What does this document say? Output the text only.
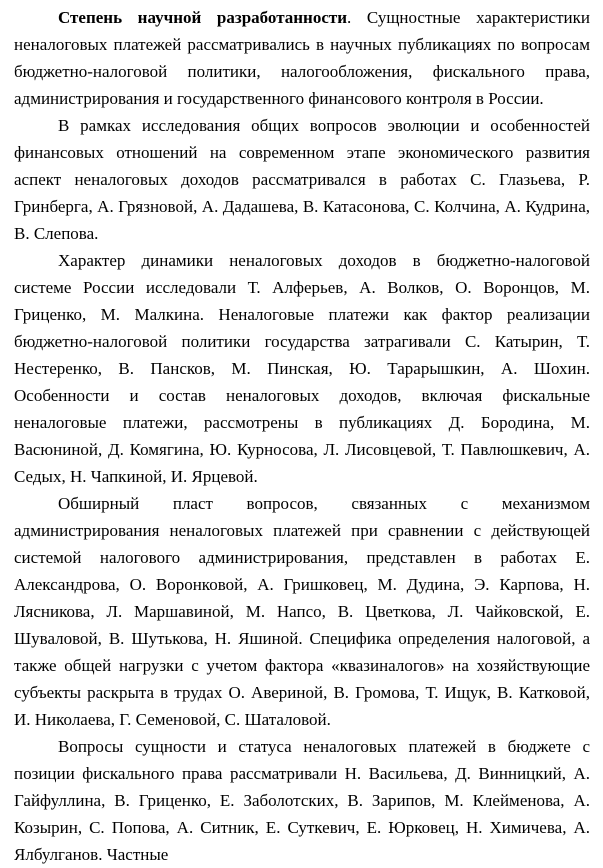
Степень научной разработанности. Сущностные характеристики неналоговых платежей рассматривались в научных публикациях по вопросам бюджетно-налоговой политики, налогообложения, фискального права, администрирования и государственного финансового контроля в России.

В рамках исследования общих вопросов эволюции и особенностей финансовых отношений на современном этапе экономического развития аспект неналоговых доходов рассматривался в работах С. Глазьева, Р. Гринберга, А. Грязновой, А. Дадашева, В. Катасонова, С. Колчина, А. Кудрина, В. Слепова.

Характер динамики неналоговых доходов в бюджетно-налоговой системе России исследовали Т. Алферьев, А. Волков, О. Воронцов, М. Гриценко, М. Малкина. Неналоговые платежи как фактор реализации бюджетно-налоговой политики государства затрагивали С. Катырин, Т. Нестеренко, В. Пансков, М. Пинская, Ю. Тарарышкин, А. Шохин. Особенности и состав неналоговых доходов, включая фискальные неналоговые платежи, рассмотрены в публикациях Д. Бородина, М. Васюниной, Д. Комягина, Ю. Курносова, Л. Лисовцевой, Т. Павлюшкевич, А. Седых, Н. Чапкиной, И. Ярцевой.

Обширный пласт вопросов, связанных с механизмом администрирования неналоговых платежей при сравнении с действующей системой налогового администрирования, представлен в работах Е. Александрова, О. Воронковой, А. Гришковец, М. Дудина, Э. Карпова, Н. Лясникова, Л. Маршавиной, М. Напсо, В. Цветкова, Л. Чайковской, Е. Шуваловой, В. Шутькова, Н. Яшиной. Специфика определения налоговой, а также общей нагрузки с учетом фактора «квазиналогов» на хозяйствующие субъекты раскрыта в трудах О. Авериной, В. Громова, Т. Ищук, В. Катковой, И. Николаева, Г. Семеновой, С. Шаталовой.

Вопросы сущности и статуса неналоговых платежей в бюджете с позиции фискального права рассматривали Н. Васильева, Д. Винницкий, А. Гайфуллина, В. Гриценко, Е. Заболотских, В. Зарипов, М. Клейменова, А. Козырин, С. Попова, А. Ситник, Е. Суткевич, Е. Юрковец, Н. Химичева, А. Ялбулганов. Частные
